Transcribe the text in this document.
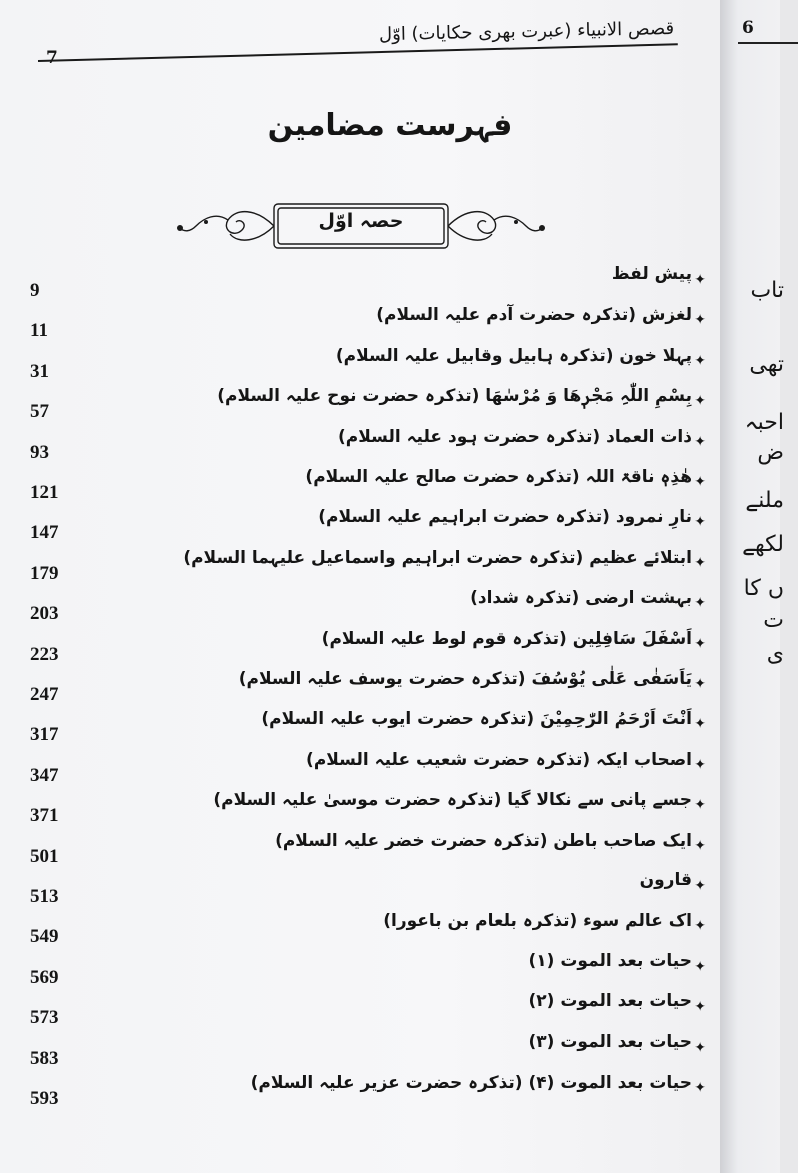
قصص الانبیاء (عبرت بھری حکایات) اوّل
7
فہرست مضامین
حصہ اوّل
9
پیش لفظ ✦
11
لغزش (تذکرہ حضرت آدم علیہ السلام) ✦
31
پہلا خون (تذکرہ ہابیل وقابیل علیہ السلام) ✦
57
بِسْمِ اللّٰہِ مَجْرٖھَا وَ مُرْسٰھَا (تذکرہ حضرت نوح علیہ السلام) ✦
93
ذات العماد (تذکرہ حضرت ہود علیہ السلام) ✦
121
ھٰذِہٖ ناقۃ اللہ (تذکرہ حضرت صالح علیہ السلام) ✦
147
نارِ نمرود (تذکرہ حضرت ابراہیم علیہ السلام) ✦
179
ابتلائے عظیم (تذکرہ حضرت ابراہیم واسماعیل علیہما السلام) ✦
203
بہشت ارضی (تذکرہ شداد) ✦
223
اَسْفَلَ سَافِلِین (تذکرہ قوم لوط علیہ السلام) ✦
247
یَاَسَفٰی عَلٰی یُوْسُفَ (تذکرہ حضرت یوسف علیہ السلام) ✦
317
اَنْتَ اَرْحَمُ الرّٰحِمِیْنَ (تذکرہ حضرت ایوب علیہ السلام) ✦
347
اصحاب ایکہ (تذکرہ حضرت شعیب علیہ السلام) ✦
371
جسے پانی سے نکالا گیا (تذکرہ حضرت موسیٰ علیہ السلام) ✦
501
ایک صاحب باطن (تذکرہ حضرت خضر علیہ السلام) ✦
513
قارون ✦
549
اک عالم سوء (تذکرہ بلعام بن باعورا) ✦
569
حیات بعد الموت (۱) ✦
573
حیات بعد الموت (۲) ✦
583
حیات بعد الموت (۳) ✦
593
حیات بعد الموت (۴) (تذکرہ حضرت عزیر علیہ السلام) ✦
6
تاب
تھی
احبہ
ض
ملنے
لکھے
ں کا
ت
ی
